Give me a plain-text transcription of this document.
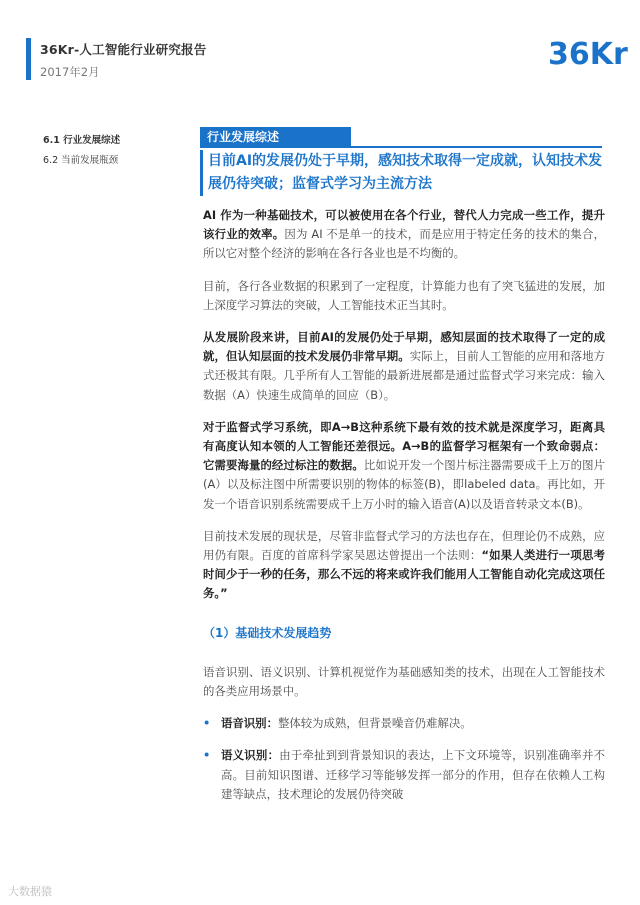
36Kr-人工智能行业研究报告
2017年2月	36Kr
6.1 行业发展综述
6.2 当前发展瓶颈
行业发展综述
目前AI的发展仍处于早期，感知技术取得一定成就，认知技术发展仍待突破；监督式学习为主流方法

AI 作为一种基础技术，可以被使用在各个行业，替代人力完成一些工作，提升该行业的效率。因为 AI 不是单一的技术，而是应用于特定任务的技术的集合，所以它对整个经济的影响在各行各业也是不均衡的。

目前，各行各业数据的积累到了一定程度，计算能力也有了突飞猛进的发展，加上深度学习算法的突破，人工智能技术正当其时。

从发展阶段来讲，目前AI的发展仍处于早期，感知层面的技术取得了一定的成就，但认知层面的技术发展仍非常早期。实际上，目前人工智能的应用和落地方式还极其有限。几乎所有人工智能的最新进展都是通过监督式学习来完成：输入数据（A）快速生成简单的回应（B）。

对于监督式学习系统，即A→B这种系统下最有效的技术就是深度学习，距离具有高度认知本领的人工智能还差很远。A→B的监督学习框架有一个致命弱点：它需要海量的经过标注的数据。比如说开发一个图片标注器需要成千上万的图片(A）以及标注图中所需要识别的物体的标签(B)，即labeled data。再比如，开发一个语音识别系统需要成千上万小时的输入语音(A)以及语音转录文本(B)。

目前技术发展的现状是，尽管非监督式学习的方法也存在，但理论仍不成熟，应用仍有限。百度的首席科学家吴恩达曾提出一个法则：“如果人类进行一项思考时间少于一秒的任务，那么不远的将来或许我们能用人工智能自动化完成这项任务。”

（1）基础技术发展趋势

语音识别、语义识别、计算机视觉作为基础感知类的技术，出现在人工智能技术的各类应用场景中。

• 语音识别：整体较为成熟，但背景噪音仍难解决。

• 语义识别：由于牵扯到到背景知识的表达，上下文环境等，识别准确率并不高。目前知识图谱、迁移学习等能够发挥一部分的作用，但存在依赖人工构建等缺点，技术理论的发展仍待突破

大数据猿
